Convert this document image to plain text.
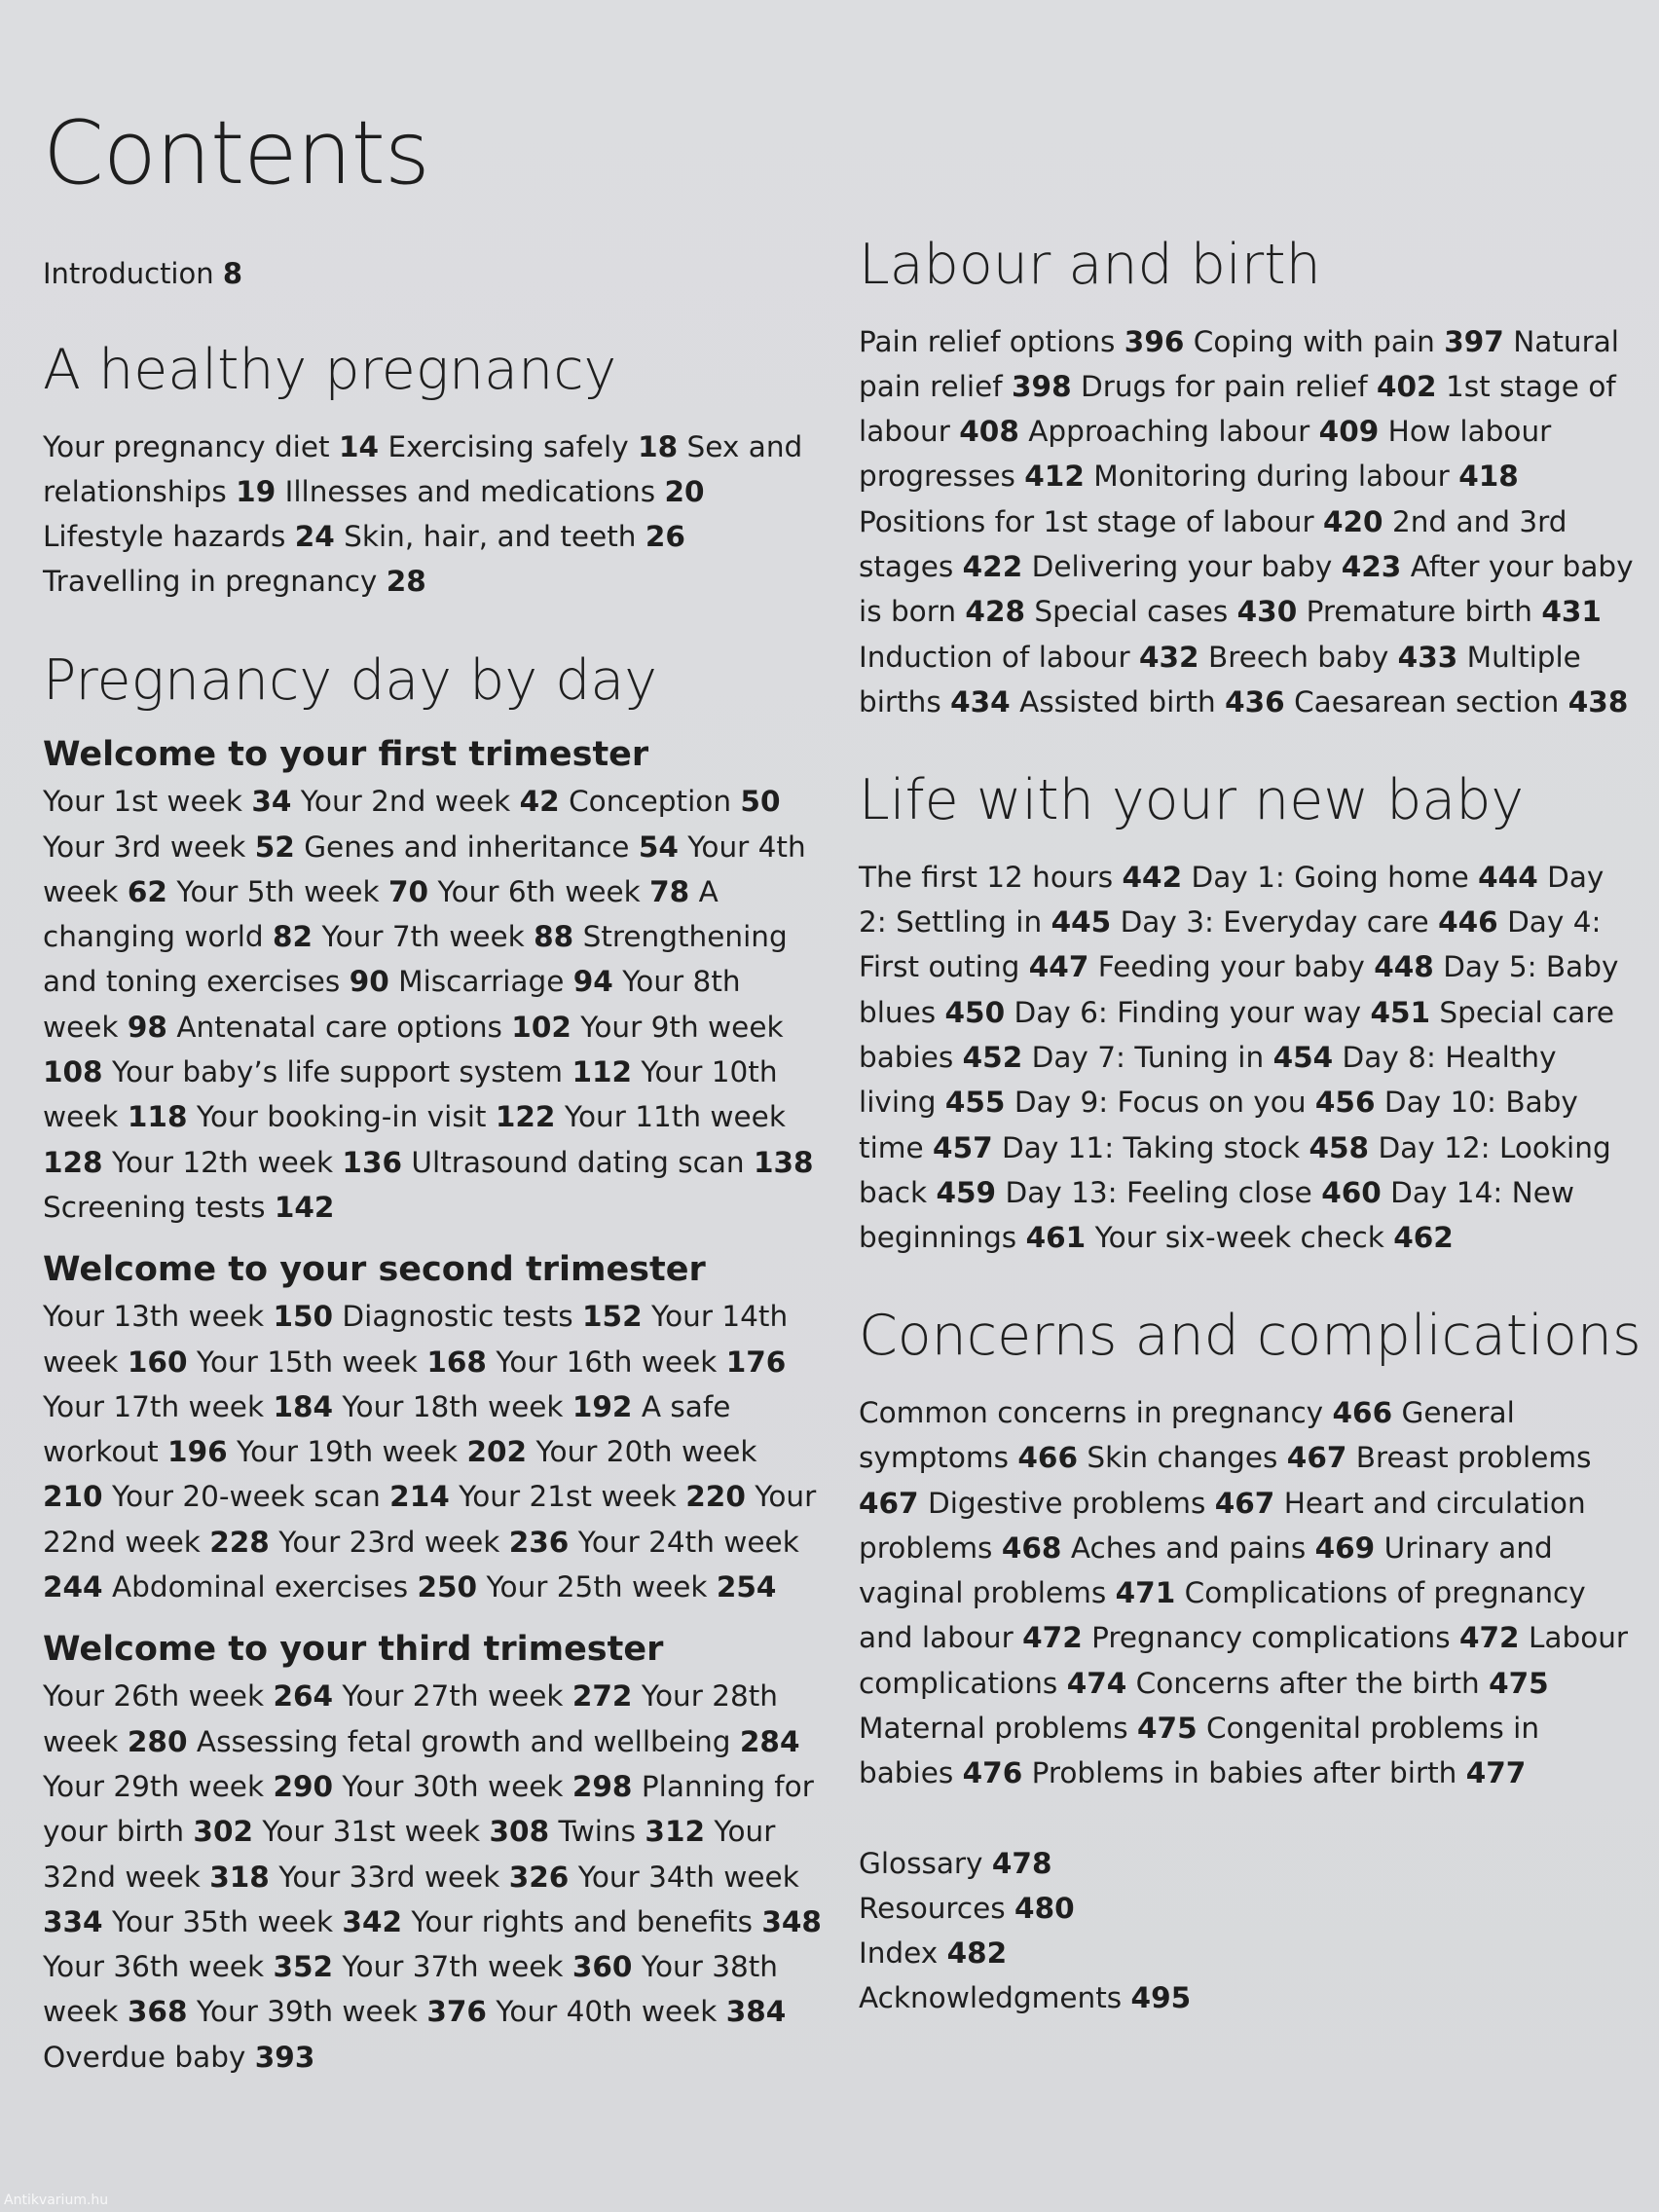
Contents

Introduction 8

A healthy pregnancy

Your pregnancy diet 14 Exercising safely 18 Sex and relationships 19 Illnesses and medications 20 Lifestyle hazards 24 Skin, hair, and teeth 26 Travelling in pregnancy 28

Pregnancy day by day
Welcome to your first trimester

Your 1st week 34 Your 2nd week 42 Conception 50 Your 3rd week 52 Genes and inheritance 54 Your 4th week 62 Your 5th week 70 Your 6th week 78 A changing world 82 Your 7th week 88 Strengthening and toning exercises 90 Miscarriage 94 Your 8th week 98 Antenatal care options 102 Your 9th week 108 Your baby’s life support system 112 Your 10th week 118 Your booking-in visit 122 Your 11th week 128 Your 12th week 136 Ultrasound dating scan 138 Screening tests 142

Welcome to your second trimester

Your 13th week 150 Diagnostic tests 152 Your 14th week 160 Your 15th week 168 Your 16th week 176 Your 17th week 184 Your 18th week 192 A safe workout 196 Your 19th week 202 Your 20th week 210 Your 20-week scan 214 Your 21st week 220 Your 22nd week 228 Your 23rd week 236 Your 24th week 244 Abdominal exercises 250 Your 25th week 254

Welcome to your third trimester

Your 26th week 264 Your 27th week 272 Your 28th week 280 Assessing fetal growth and wellbeing 284 Your 29th week 290 Your 30th week 298 Planning for your birth 302 Your 31st week 308 Twins 312 Your 32nd week 318 Your 33rd week 326 Your 34th week 334 Your 35th week 342 Your rights and benefits 348 Your 36th week 352 Your 37th week 360 Your 38th week 368 Your 39th week 376 Your 40th week 384 Overdue baby 393

Labour and birth

Pain relief options 396 Coping with pain 397 Natural pain relief 398 Drugs for pain relief 402 1st stage of labour 408 Approaching labour 409 How labour progresses 412 Monitoring during labour 418 Positions for 1st stage of labour 420 2nd and 3rd stages 422 Delivering your baby 423 After your baby is born 428 Special cases 430 Premature birth 431 Induction of labour 432 Breech baby 433 Multiple births 434 Assisted birth 436 Caesarean section 438

Life with your new baby

The first 12 hours 442 Day 1: Going home 444 Day 2: Settling in 445 Day 3: Everyday care 446 Day 4: First outing 447 Feeding your baby 448 Day 5: Baby blues 450 Day 6: Finding your way 451 Special care babies 452 Day 7: Tuning in 454 Day 8: Healthy living 455 Day 9: Focus on you 456 Day 10: Baby time 457 Day 11: Taking stock 458 Day 12: Looking back 459 Day 13: Feeling close 460 Day 14: New beginnings 461 Your six-week check 462

Concerns and complications

Common concerns in pregnancy 466 General symptoms 466 Skin changes 467 Breast problems 467 Digestive problems 467 Heart and circulation problems 468 Aches and pains 469 Urinary and vaginal problems 471 Complications of pregnancy and labour 472 Pregnancy complications 472 Labour complications 474 Concerns after the birth 475 Maternal problems 475 Congenital problems in babies 476 Problems in babies after birth 477

Glossary 478
Resources 480
Index 482
Acknowledgments 495
Antikvarium.hu
